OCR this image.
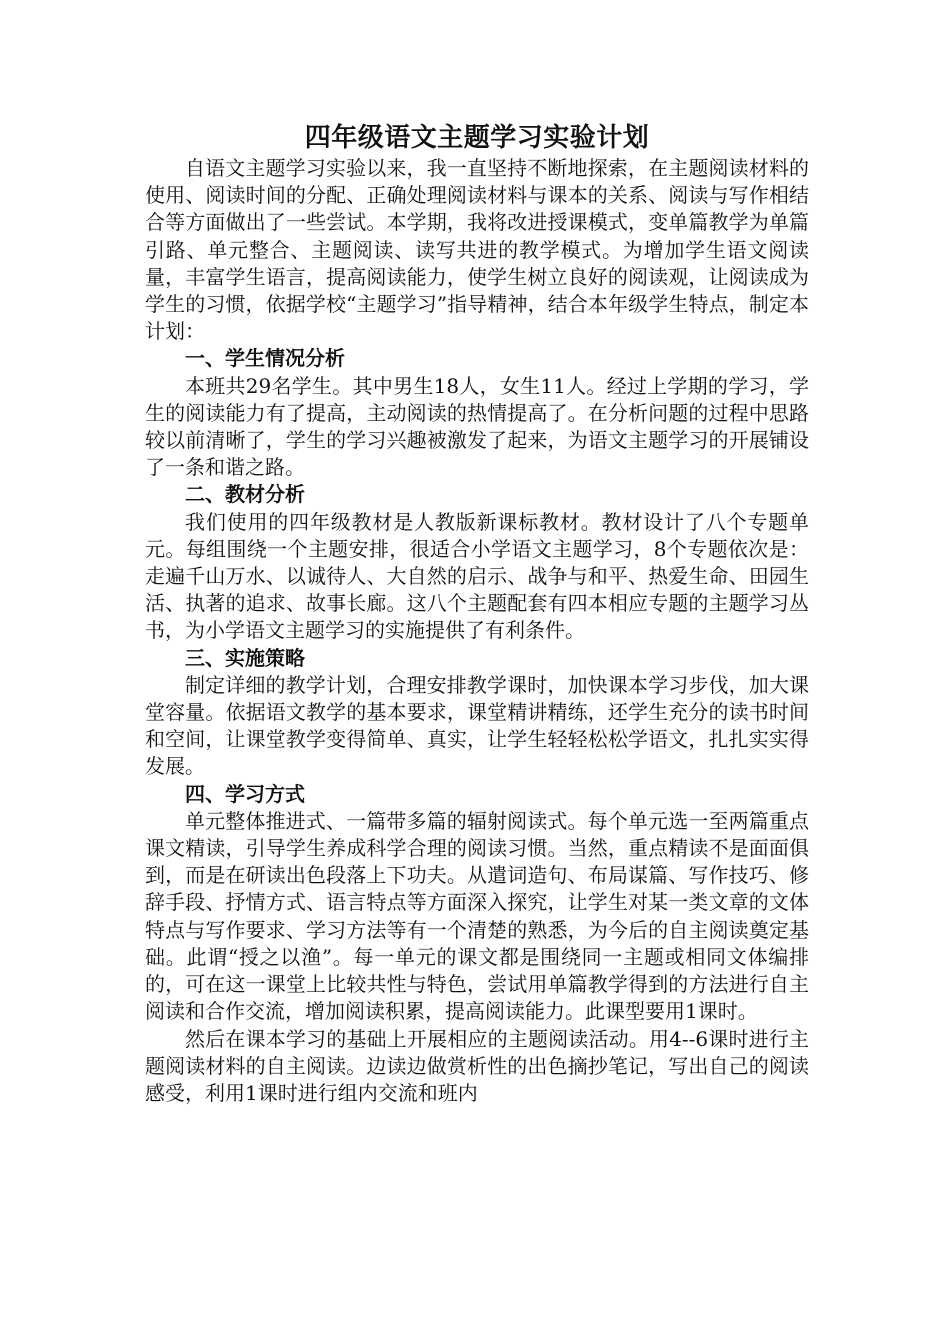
四年级语文主题学习实验计划

自语文主题学习实验以来，我一直坚持不断地探索，在主题阅读材料的使用、阅读时间的分配、正确处理阅读材料与课本的关系、阅读与写作相结合等方面做出了一些尝试。本学期，我将改进授课模式，变单篇教学为单篇引路、单元整合、主题阅读、读写共进的教学模式。为增加学生语文阅读量，丰富学生语言，提高阅读能力，使学生树立良好的阅读观，让阅读成为学生的习惯，依据学校“主题学习”指导精神，结合本年级学生特点，制定本计划：

一、学生情况分析

本班共29名学生。其中男生18人，女生11人。经过上学期的学习，学生的阅读能力有了提高，主动阅读的热情提高了。在分析问题的过程中思路较以前清晰了，学生的学习兴趣被激发了起来，为语文主题学习的开展铺设了一条和谐之路。

二、教材分析

我们使用的四年级教材是人教版新课标教材。教材设计了八个专题单元。每组围绕一个主题安排，很适合小学语文主题学习，8个专题依次是：走遍千山万水、以诚待人、大自然的启示、战争与和平、热爱生命、田园生活、执著的追求、故事长廊。这八个主题配套有四本相应专题的主题学习丛书，为小学语文主题学习的实施提供了有利条件。

三、实施策略

制定详细的教学计划，合理安排教学课时，加快课本学习步伐，加大课堂容量。依据语文教学的基本要求，课堂精讲精练，还学生充分的读书时间和空间，让课堂教学变得简单、真实，让学生轻轻松松学语文，扎扎实实得发展。

四、学习方式

单元整体推进式、一篇带多篇的辐射阅读式。每个单元选一至两篇重点课文精读，引导学生养成科学合理的阅读习惯。当然，重点精读不是面面俱到，而是在研读出色段落上下功夫。从遣词造句、布局谋篇、写作技巧、修辞手段、抒情方式、语言特点等方面深入探究，让学生对某一类文章的文体特点与写作要求、学习方法等有一个清楚的熟悉，为今后的自主阅读奠定基础。此谓“授之以渔”。每一单元的课文都是围绕同一主题或相同文体编排的，可在这一课堂上比较共性与特色，尝试用单篇教学得到的方法进行自主阅读和合作交流，增加阅读积累，提高阅读能力。此课型要用1课时。

然后在课本学习的基础上开展相应的主题阅读活动。用4--6课时进行主题阅读材料的自主阅读。边读边做赏析性的出色摘抄笔记，写出自己的阅读感受，利用1课时进行组内交流和班内
